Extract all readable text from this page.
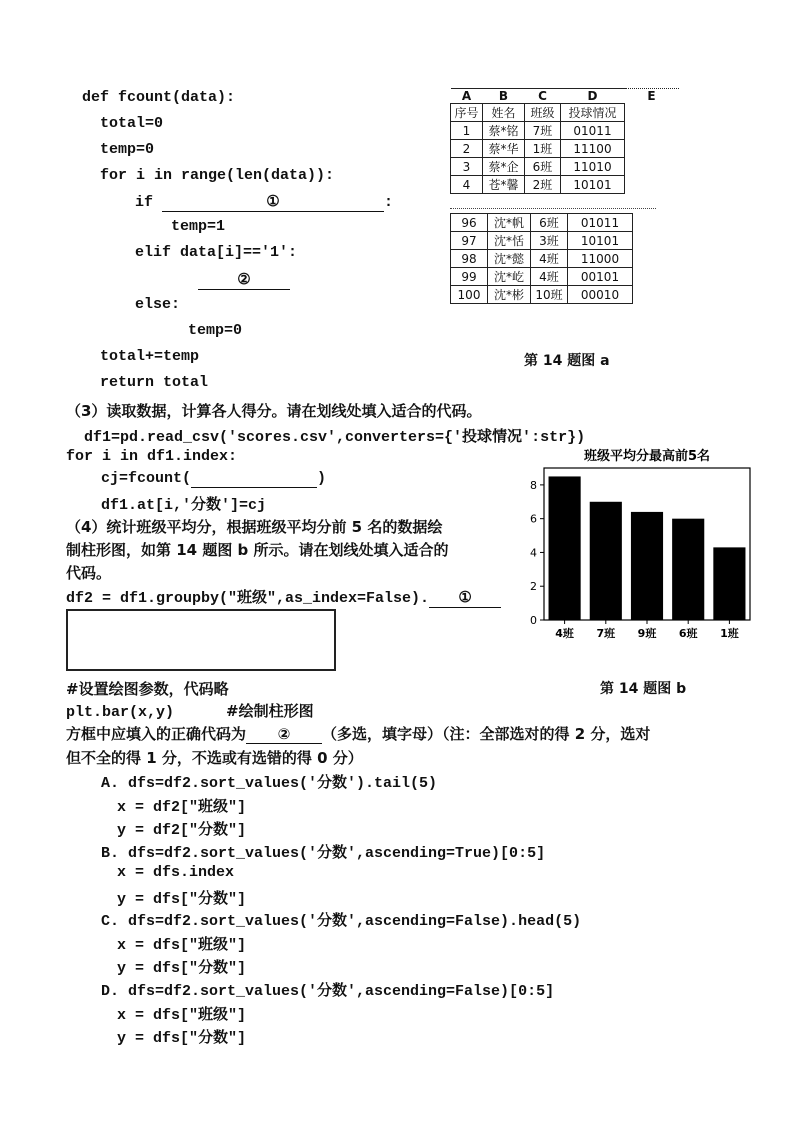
def fcount(data):
total=0
temp=0
for i in range(len(data)):
if	①	:
temp=1
elif data[i]=='1':
②
else:
temp=0
total+=temp
return total
A	B	C	D	E
序号	姓名	班级	投球情况	
1	蔡*铭	7班	01011	
2	蔡*华	1班	11100	
3	蔡*企	6班	11010	
4	苍*馨	2班	10101	
96	沈*帆	6班	01011
97	沈*恬	3班	10101
98	沈*懿	4班	11000
99	沈*屹	4班	00101
100	沈*彬	10班	00010
第 14 题图 a
（3）读取数据，计算各人得分。请在划线处填入适合的代码。
df1=pd.read_csv('scores.csv',converters={'投球情况':str})
for i in df1.index:
cj=fcount(	)
df1.at[i,'分数']=cj
（4）统计班级平均分，根据班级平均分前 5 名的数据绘
制柱形图，如第 14 题图 b 所示。请在划线处填入适合的
代码。
df2 = df1.groupby("班级",as_index=False). ①
班级平均分最高前5名
0
2
4
6
8
4班 7班 9班 6班 1班
第 14 题图 b
#设置绘图参数，代码略
plt.bar(x,y)	#绘制柱形图
方框中应填入的正确代码为 ② （多选，填字母）（注：全部选对的得 2 分，选对
但不全的得 1 分，不选或有选错的得 0 分）
A. dfs=df2.sort_values('分数').tail(5)
x = df2["班级"]
y = df2["分数"]
B. dfs=df2.sort_values('分数',ascending=True)[0:5]
x = dfs.index
y = dfs["分数"]
C. dfs=df2.sort_values('分数',ascending=False).head(5)
x = dfs["班级"]
y = dfs["分数"]
D. dfs=df2.sort_values('分数',ascending=False)[0:5]
x = dfs["班级"]
y = dfs["分数"]
